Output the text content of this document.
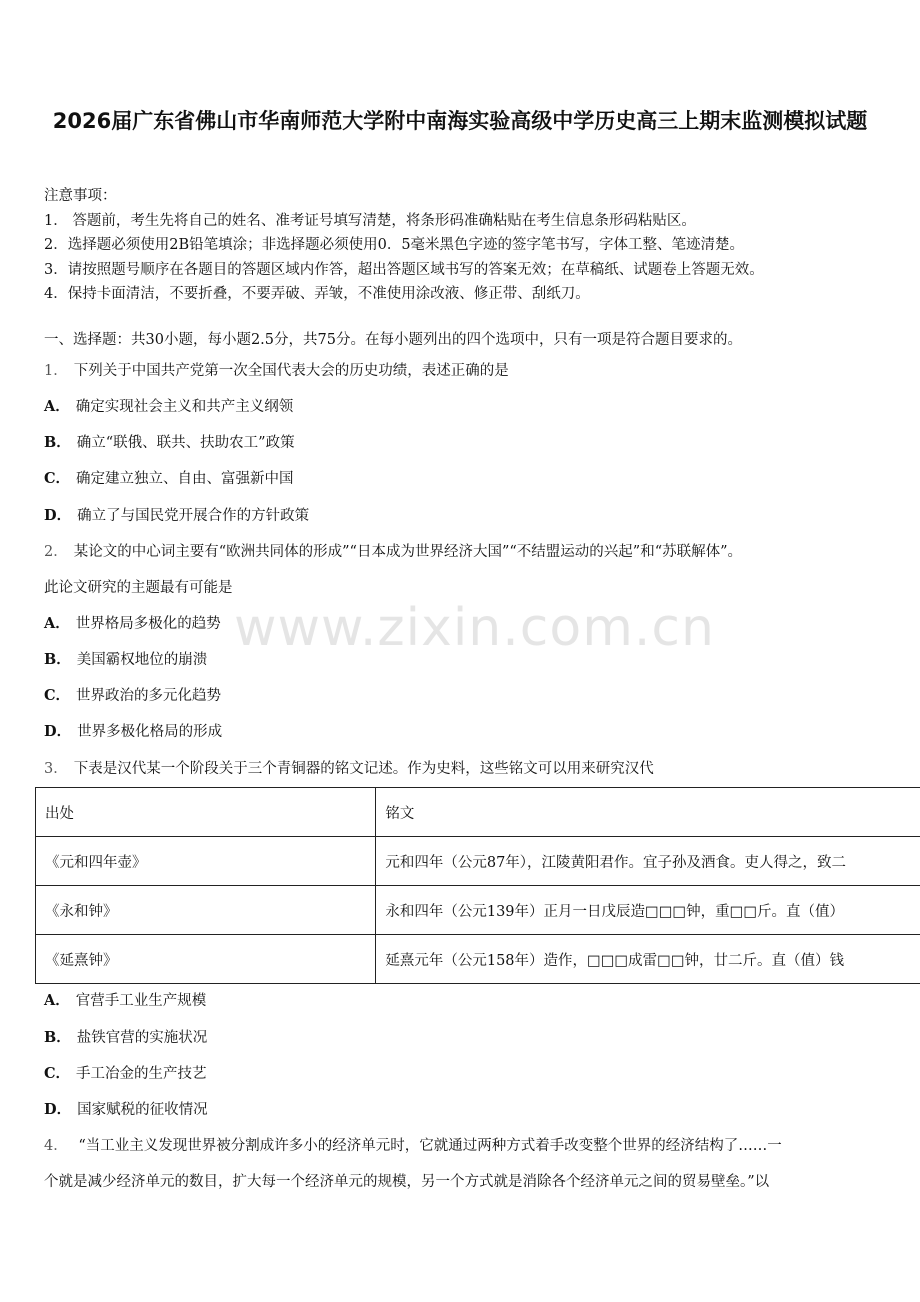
2026届广东省佛山市华南师范大学附中南海实验高级中学历史高三上期末监测模拟试题
注意事项：
1． 答题前，考生先将自己的姓名、准考证号填写清楚，将条形码准确粘贴在考生信息条形码粘贴区。
2．选择题必须使用2B铅笔填涂；非选择题必须使用0．5毫米黑色字迹的签字笔书写，字体工整、笔迹清楚。
3．请按照题号顺序在各题目的答题区域内作答，超出答题区域书写的答案无效；在草稿纸、试题卷上答题无效。
4．保持卡面清洁，不要折叠，不要弄破、弄皱，不准使用涂改液、修正带、刮纸刀。
一、选择题：共30小题，每小题2.5分，共75分。在每小题列出的四个选项中，只有一项是符合题目要求的。
1． 下列关于中国共产党第一次全国代表大会的历史功绩，表述正确的是
A． 确定实现社会主义和共产主义纲领
B． 确立“联俄、联共、扶助农工”政策
C． 确定建立独立、自由、富强新中国
D． 确立了与国民党开展合作的方针政策
2． 某论文的中心词主要有“欧洲共同体的形成”“日本成为世界经济大国”“不结盟运动的兴起”和“苏联解体”。
此论文研究的主题最有可能是
A． 世界格局多极化的趋势
B． 美国霸权地位的崩溃
C． 世界政治的多元化趋势
D． 世界多极化格局的形成
3． 下表是汉代某一个阶段关于三个青铜器的铭文记述。作为史料，这些铭文可以用来研究汉代
出处	铭文
《元和四年壶》	元和四年（公元87年），江陵黄阳君作。宜子孙及酒食。吏人得之，致二
《永和钟》	永和四年（公元139年）正月一日戊辰造□□□钟，重□□斤。直（值）
《延熹钟》	延熹元年（公元158年）造作，□□□成雷□□钟，廿二斤。直（值）钱
A． 官营手工业生产规模
B． 盐铁官营的实施状况
C． 手工冶金的生产技艺
D． 国家赋税的征收情况
4． “当工业主义发现世界被分割成许多小的经济单元时，它就通过两种方式着手改变整个世界的经济结构了……一
个就是减少经济单元的数目，扩大每一个经济单元的规模，另一个方式就是消除各个经济单元之间的贸易壁垒。”以
www.zixin.com.cn
